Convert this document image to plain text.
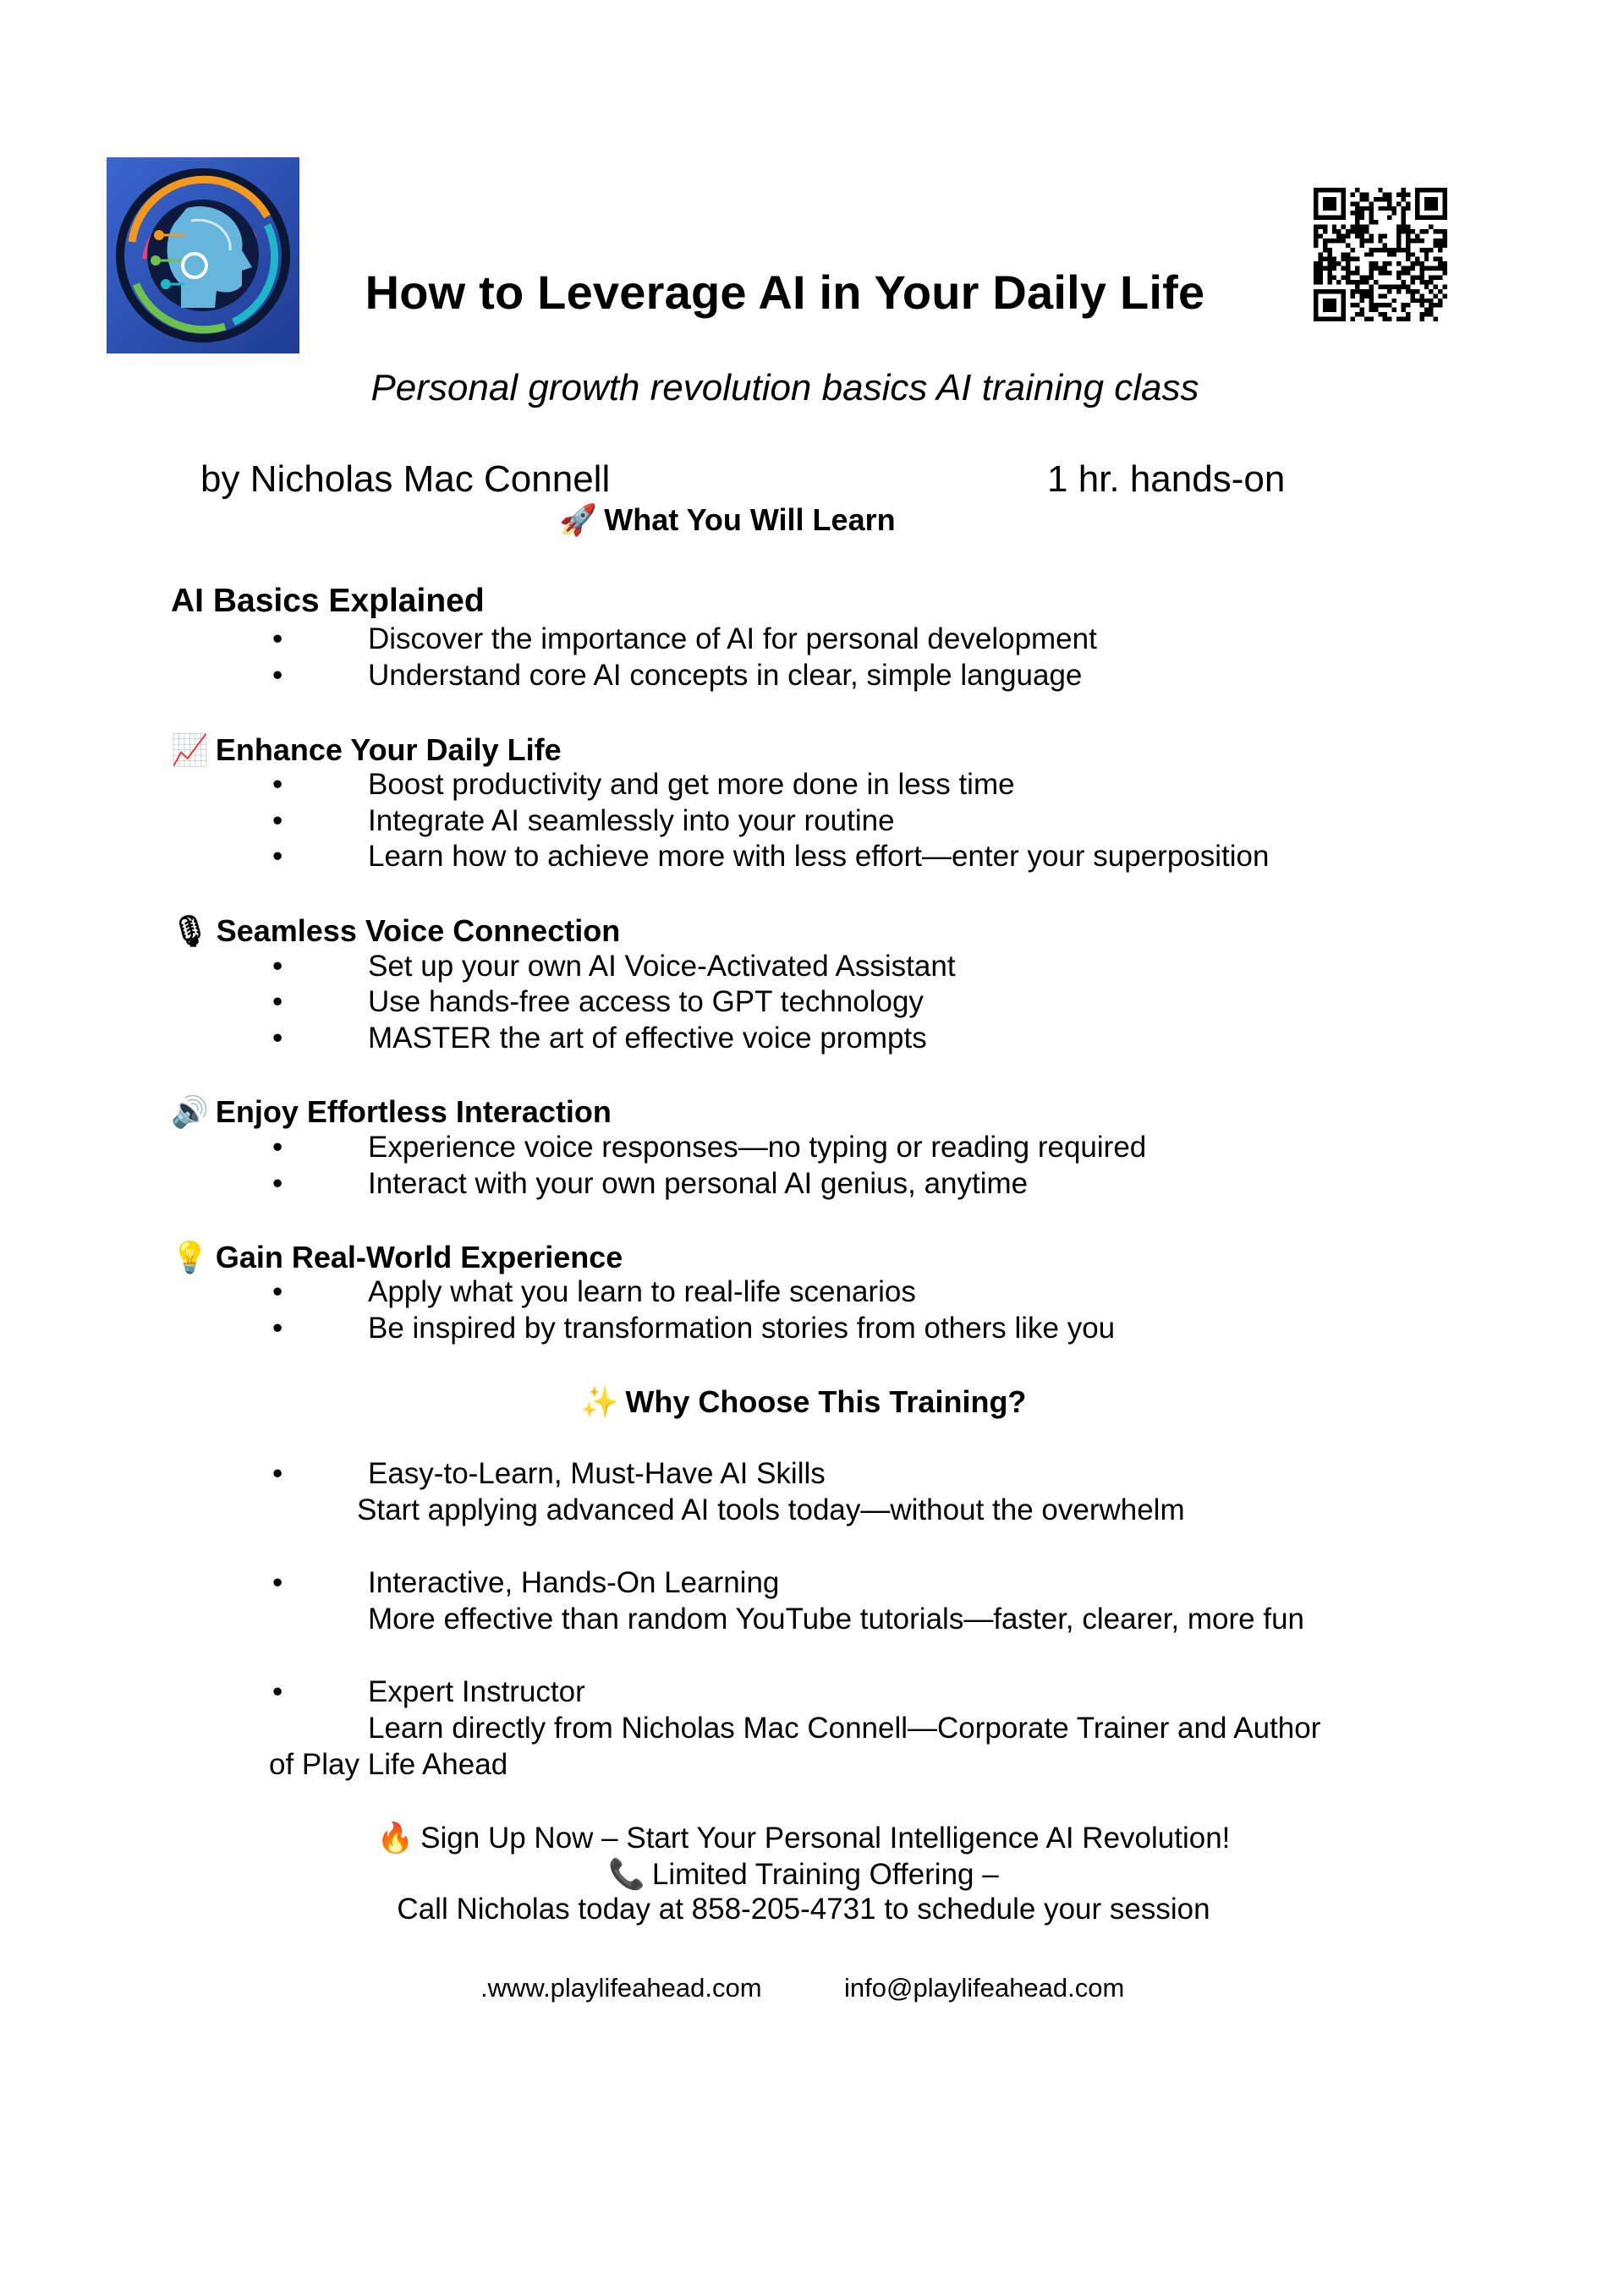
How to Leverage AI in Your Daily Life
Personal growth revolution basics AI training class
by Nicholas Mac Connell	1 hr. hands-on
🚀 What You Will Learn
AI Basics Explained
•	Discover the importance of AI for personal development
•	Understand core AI concepts in clear, simple language
📈 Enhance Your Daily Life
•	Boost productivity and get more done in less time
•	Integrate AI seamlessly into your routine
•	Learn how to achieve more with less effort—enter your superposition
🎙 Seamless Voice Connection
•	Set up your own AI Voice-Activated Assistant
•	Use hands-free access to GPT technology
•	MASTER the art of effective voice prompts
🔊 Enjoy Effortless Interaction
•	Experience voice responses—no typing or reading required
•	Interact with your own personal AI genius, anytime
💡 Gain Real-World Experience
•	Apply what you learn to real-life scenarios
•	Be inspired by transformation stories from others like you
✨ Why Choose This Training?
•	Easy-to-Learn, Must-Have AI Skills
Start applying advanced AI tools today—without the overwhelm
•	Interactive, Hands-On Learning
More effective than random YouTube tutorials—faster, clearer, more fun
•	Expert Instructor
Learn directly from Nicholas Mac Connell—Corporate Trainer and Author
of Play Life Ahead
🔥 Sign Up Now – Start Your Personal Intelligence AI Revolution!
📞 Limited Training Offering –
Call Nicholas today at 858-205-4731 to schedule your session
.www.playlifeahead.com	info@playlifeahead.com
